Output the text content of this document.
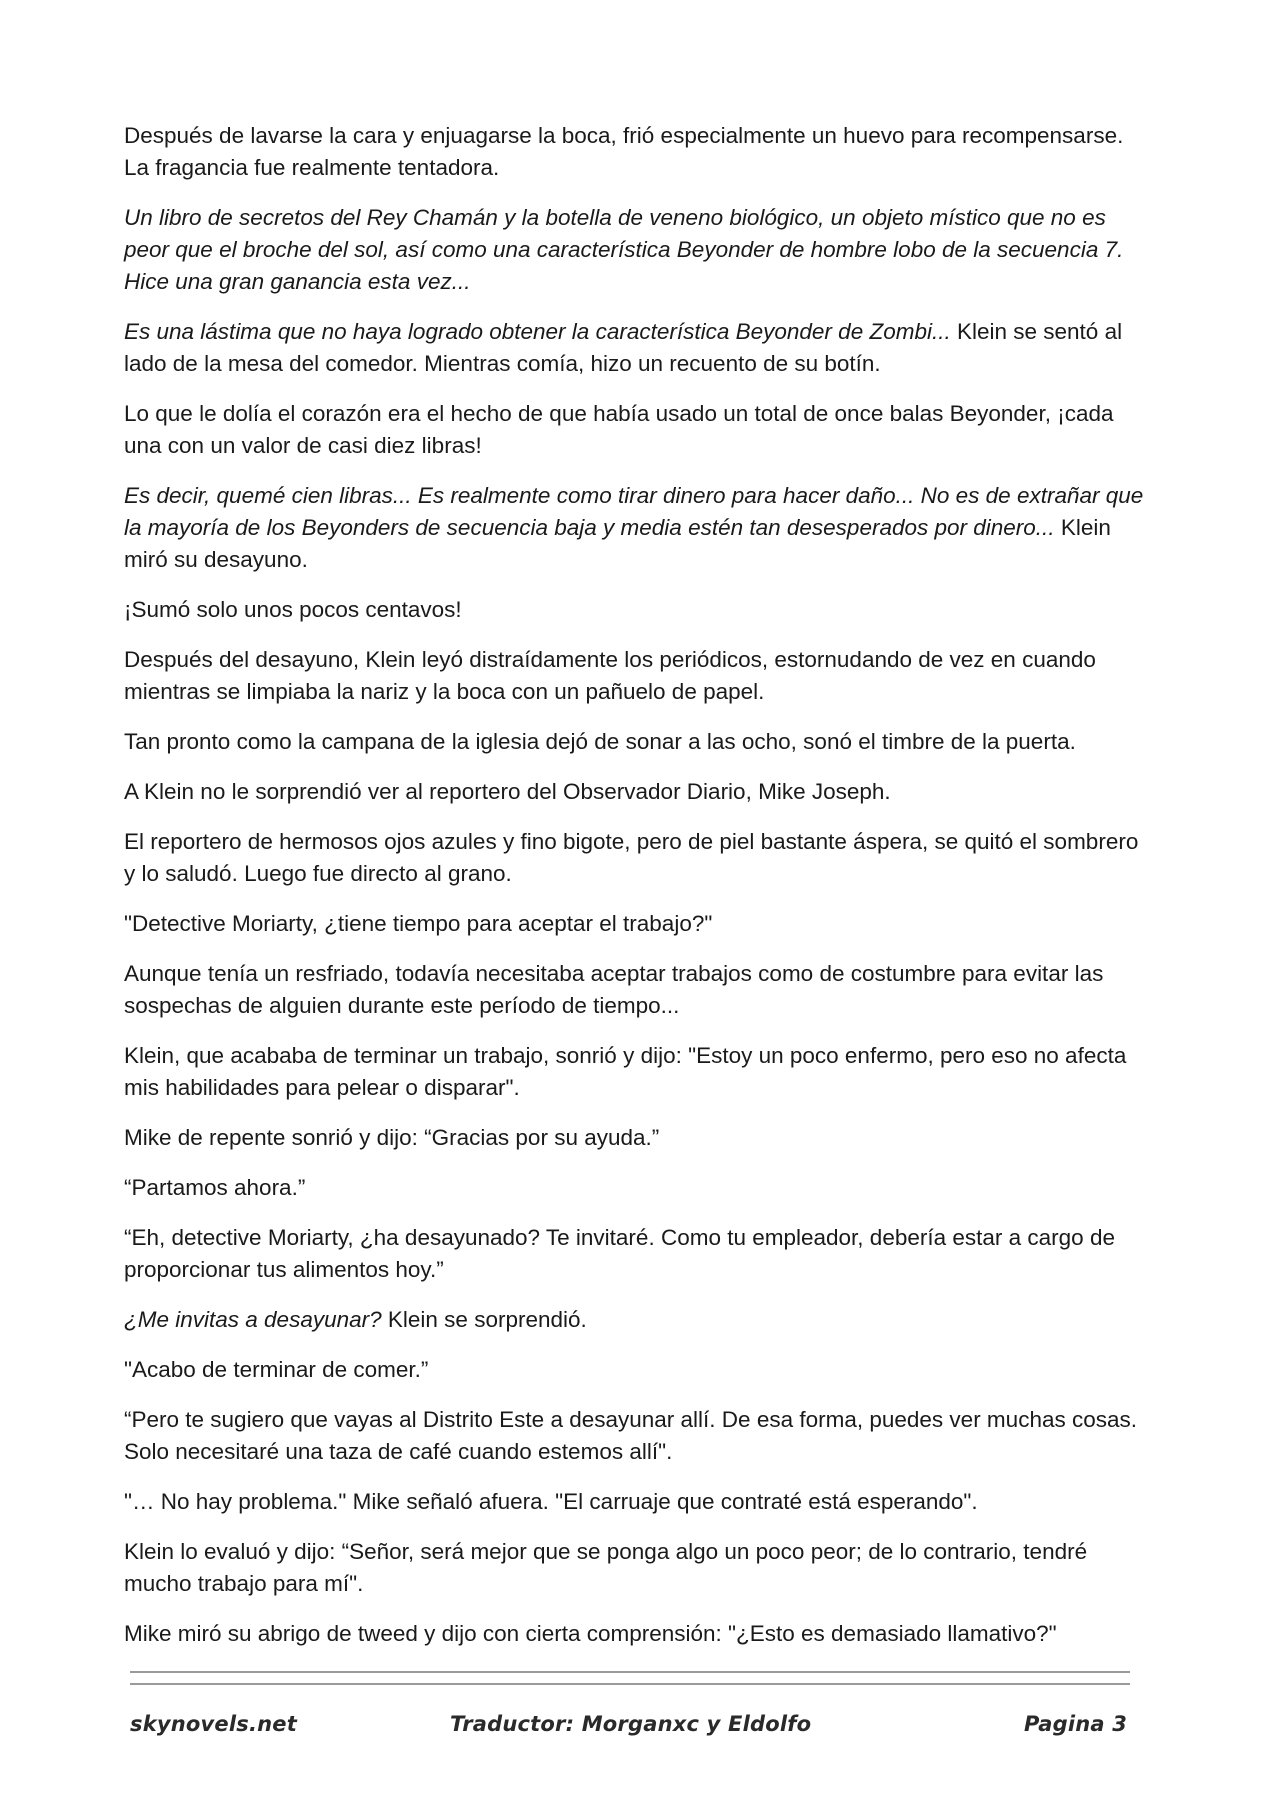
Después de lavarse la cara y enjuagarse la boca, frió especialmente un huevo para recompensarse. La fragancia fue realmente tentadora.

Un libro de secretos del Rey Chamán y la botella de veneno biológico, un objeto místico que no es peor que el broche del sol, así como una característica Beyonder de hombre lobo de la secuencia 7. Hice una gran ganancia esta vez...

Es una lástima que no haya logrado obtener la característica Beyonder de Zombi... Klein se sentó al lado de la mesa del comedor. Mientras comía, hizo un recuento de su botín.

Lo que le dolía el corazón era el hecho de que había usado un total de once balas Beyonder, ¡cada una con un valor de casi diez libras!

Es decir, quemé cien libras... Es realmente como tirar dinero para hacer daño... No es de extrañar que la mayoría de los Beyonders de secuencia baja y media estén tan desesperados por dinero... Klein miró su desayuno.

¡Sumó solo unos pocos centavos!

Después del desayuno, Klein leyó distraídamente los periódicos, estornudando de vez en cuando mientras se limpiaba la nariz y la boca con un pañuelo de papel.

Tan pronto como la campana de la iglesia dejó de sonar a las ocho, sonó el timbre de la puerta.

A Klein no le sorprendió ver al reportero del Observador Diario, Mike Joseph.

El reportero de hermosos ojos azules y fino bigote, pero de piel bastante áspera, se quitó el sombrero y lo saludó. Luego fue directo al grano.

"Detective Moriarty, ¿tiene tiempo para aceptar el trabajo?"

Aunque tenía un resfriado, todavía necesitaba aceptar trabajos como de costumbre para evitar las sospechas de alguien durante este período de tiempo...

Klein, que acababa de terminar un trabajo, sonrió y dijo: "Estoy un poco enfermo, pero eso no afecta mis habilidades para pelear o disparar".

Mike de repente sonrió y dijo: “Gracias por su ayuda.”

“Partamos ahora.”

“Eh, detective Moriarty, ¿ha desayunado? Te invitaré. Como tu empleador, debería estar a cargo de proporcionar tus alimentos hoy.”

¿Me invitas a desayunar? Klein se sorprendió.

"Acabo de terminar de comer.”

“Pero te sugiero que vayas al Distrito Este a desayunar allí. De esa forma, puedes ver muchas cosas. Solo necesitaré una taza de café cuando estemos allí".

"… No hay problema." Mike señaló afuera. "El carruaje que contraté está esperando".

Klein lo evaluó y dijo: “Señor, será mejor que se ponga algo un poco peor; de lo contrario, tendré mucho trabajo para mí".

Mike miró su abrigo de tweed y dijo con cierta comprensión: "¿Esto es demasiado llamativo?"

skynovels.net	Traductor: Morganxc y Eldolfo	Pagina 3
